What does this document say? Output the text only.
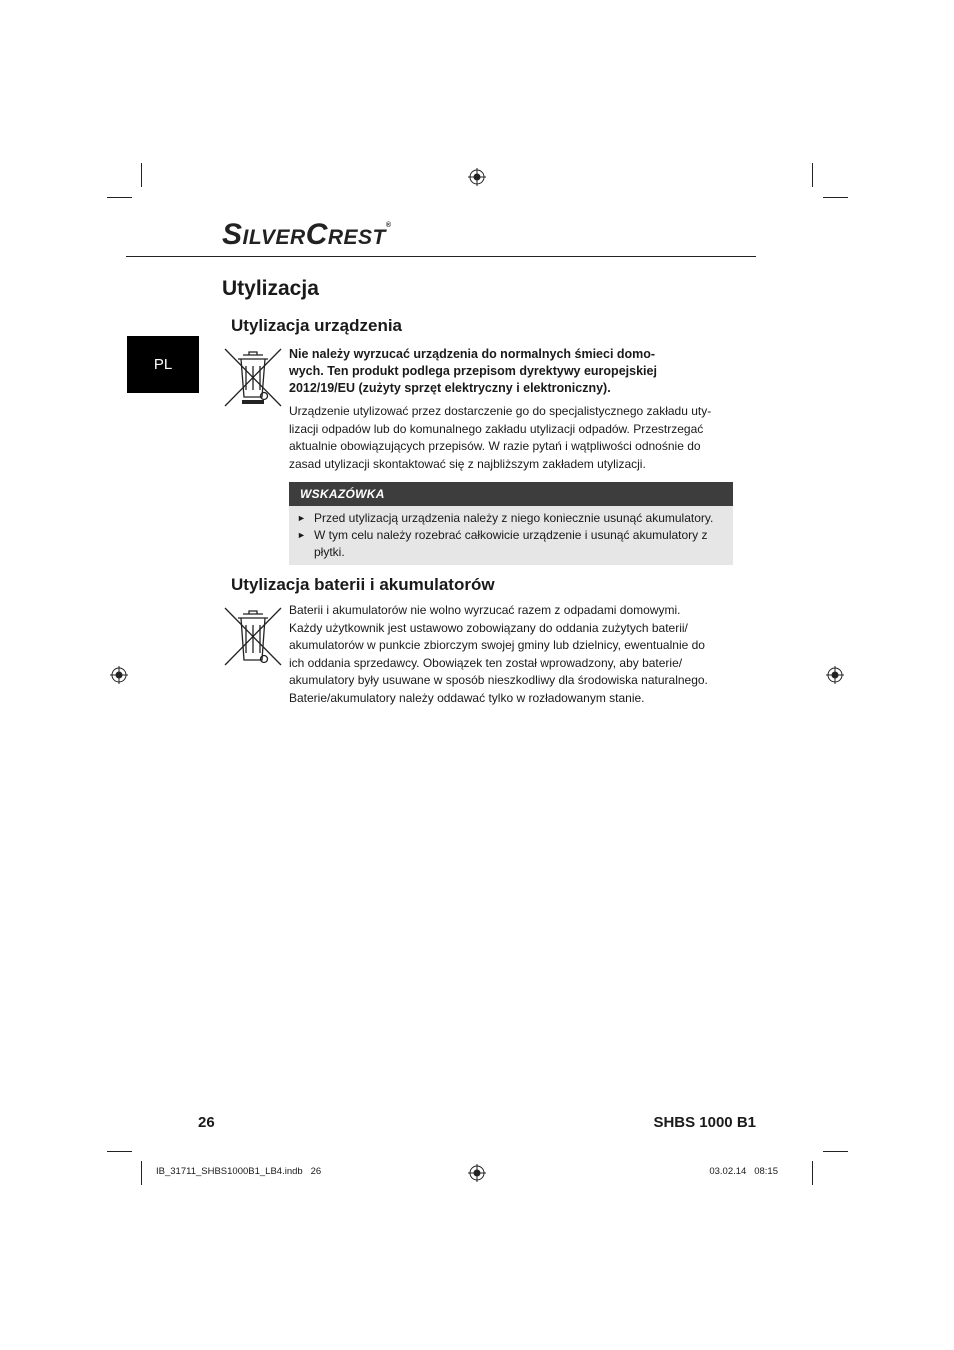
SILVERCREST®
PL
Utylizacja
Utylizacja urządzenia
Nie należy wyrzucać urządzenia do normalnych śmieci domo-
wych. Ten produkt podlega przepisom dyrektywy europejskiej
2012/19/EU (zużyty sprzęt elektryczny i elektroniczny).
Urządzenie utylizować przez dostarczenie go do specjalistycznego zakładu uty-
lizacji odpadów lub do komunalnego zakładu utylizacji odpadów. Przestrzegać
aktualnie obowiązujących przepisów. W razie pytań i wątpliwości odnośnie do
zasad utylizacji skontaktować się z najbliższym zakładem utylizacji.
WSKAZÓWKA
► Przed utylizacją urządzenia należy z niego koniecznie usunąć akumulatory.
► W tym celu należy rozebrać całkowicie urządzenie i usunąć akumulatory z płytki.
Utylizacja baterii i akumulatorów
Baterii i akumulatorów nie wolno wyrzucać razem z odpadami domowymi.
Każdy użytkownik jest ustawowo zobowiązany do oddania zużytych baterii/
akumulatorów w punkcie zbiorczym swojej gminy lub dzielnicy, ewentualnie do
ich oddania sprzedawcy. Obowiązek ten został wprowadzony, aby baterie/
akumulatory były usuwane w sposób nieszkodliwy dla środowiska naturalnego.
Baterie/akumulatory należy oddawać tylko w rozładowanym stanie.
26	SHBS 1000 B1
IB_31711_SHBS1000B1_LB4.indb   26	03.02.14   08:15
